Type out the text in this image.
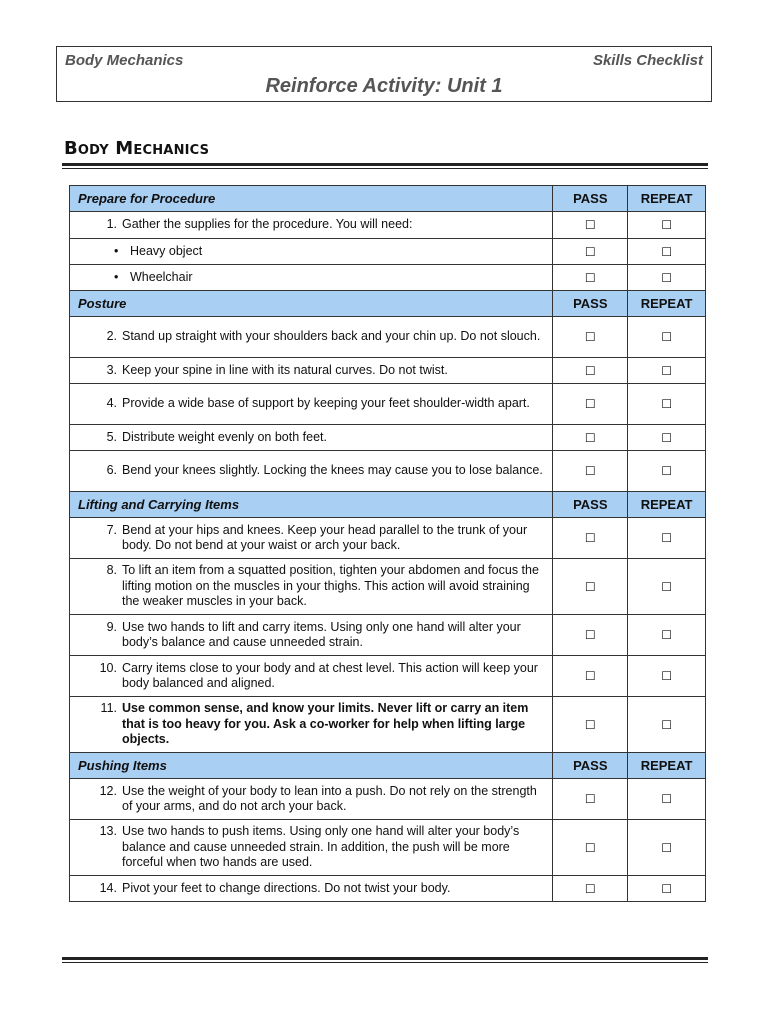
Body Mechanics	Skills Checklist
Reinforce Activity: Unit 1
Body Mechanics
Prepare for Procedure	PASS	REPEAT

1. Gather the supplies for the procedure. You will need:	☐	☐

• Heavy object	☐	☐

• Wheelchair	☐	☐
Posture	PASS	REPEAT

2. Stand up straight with your shoulders back and your chin up. Do not slouch.	☐	☐

3. Keep your spine in line with its natural curves. Do not twist.	☐	☐

4. Provide a wide base of support by keeping your feet shoulder-width apart.	☐	☐

5. Distribute weight evenly on both feet.	☐	☐

6. Bend your knees slightly. Locking the knees may cause you to lose balance.	☐	☐
Lifting and Carrying Items	PASS	REPEAT

7. Bend at your hips and knees. Keep your head parallel to the trunk of your body. Do not bend at your waist or arch your back.	☐	☐

8. To lift an item from a squatted position, tighten your abdomen and focus the lifting motion on the muscles in your thighs. This action will avoid straining the weaker muscles in your back.	☐	☐

9. Use two hands to lift and carry items. Using only one hand will alter your body’s balance and cause unneeded strain.	☐	☐

10. Carry items close to your body and at chest level. This action will keep your body balanced and aligned.	☐	☐

11. Use common sense, and know your limits. Never lift or carry an item that is too heavy for you. Ask a co-worker for help when lifting large objects.	☐	☐
Pushing Items	PASS	REPEAT

12. Use the weight of your body to lean into a push. Do not rely on the strength of your arms, and do not arch your back.	☐	☐

13. Use two hands to push items. Using only one hand will alter your body’s balance and cause unneeded strain. In addition, the push will be more forceful when two hands are used.	☐	☐

14. Pivot your feet to change directions. Do not twist your body.	☐	☐
